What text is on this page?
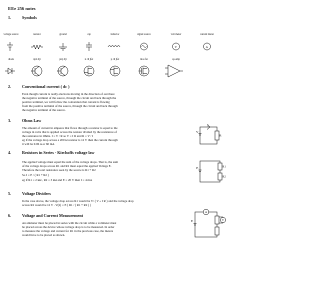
EEe 256 notes
1.	Symbols
voltage source	resistor	ground	cap	inductor	signal source	volt meter	current meter
V	A
diode	npn bjt	pnp bjt	n ch jfet	p ch jfet	mos fet	op-amp
2.	Conventional current ( dc )
Even though current is really electrons moving in the direction of out there
the negative terminal of the source, through the circuit and back through the
positive terminal, we will follow the convention that current is flowing
from the positive terminal of the source, through the circuit and back through
the negative terminal of the source.
3.	Ohms Law
The amount of current in amperes that flows through a resistor is equal to the
voltage in volts that is applied across the resistor divided by the resistance of
the resistance in Ohms. I = V / R so V = I R and R = V / I
eg if the voltage drop across a 200 Ω resistor is 12 V then the current through
it will be 0.06 A or 60 mA
V
R
I
4.	Resistors in Series - Kirchoffs voltage law
The applied voltage must equal the sum of the voltage drops. That is, the sum
of the voltage drops across R1 and R2 must equal the applied Voltage E.
Therefore the total resistance seen by the source is R1 + R2
So I = E / ( R1 + R2 )
eg if R1 = 2 kΩ , R2 = 3 kΩ and E = 20 V then I = 4 mA
E	R1
R2
5.	Voltage Dividers
In the case above, the voltage drop across R1 would be V/ ( V ÷ I R ) and the voltage drop
across R2 would be 12 V . V(2) = E ( R1 / ( R1 + R2 ) )
6.	Voltage and Current Measurement
An ammeter must be placed in series with the circuit while a voltmeter must
be placed across the device whose voltage drop is to be measured. In order
to measure the voltage and current for R1 in the previous case, the meters
would have to be placed as shown.
A
V
E
